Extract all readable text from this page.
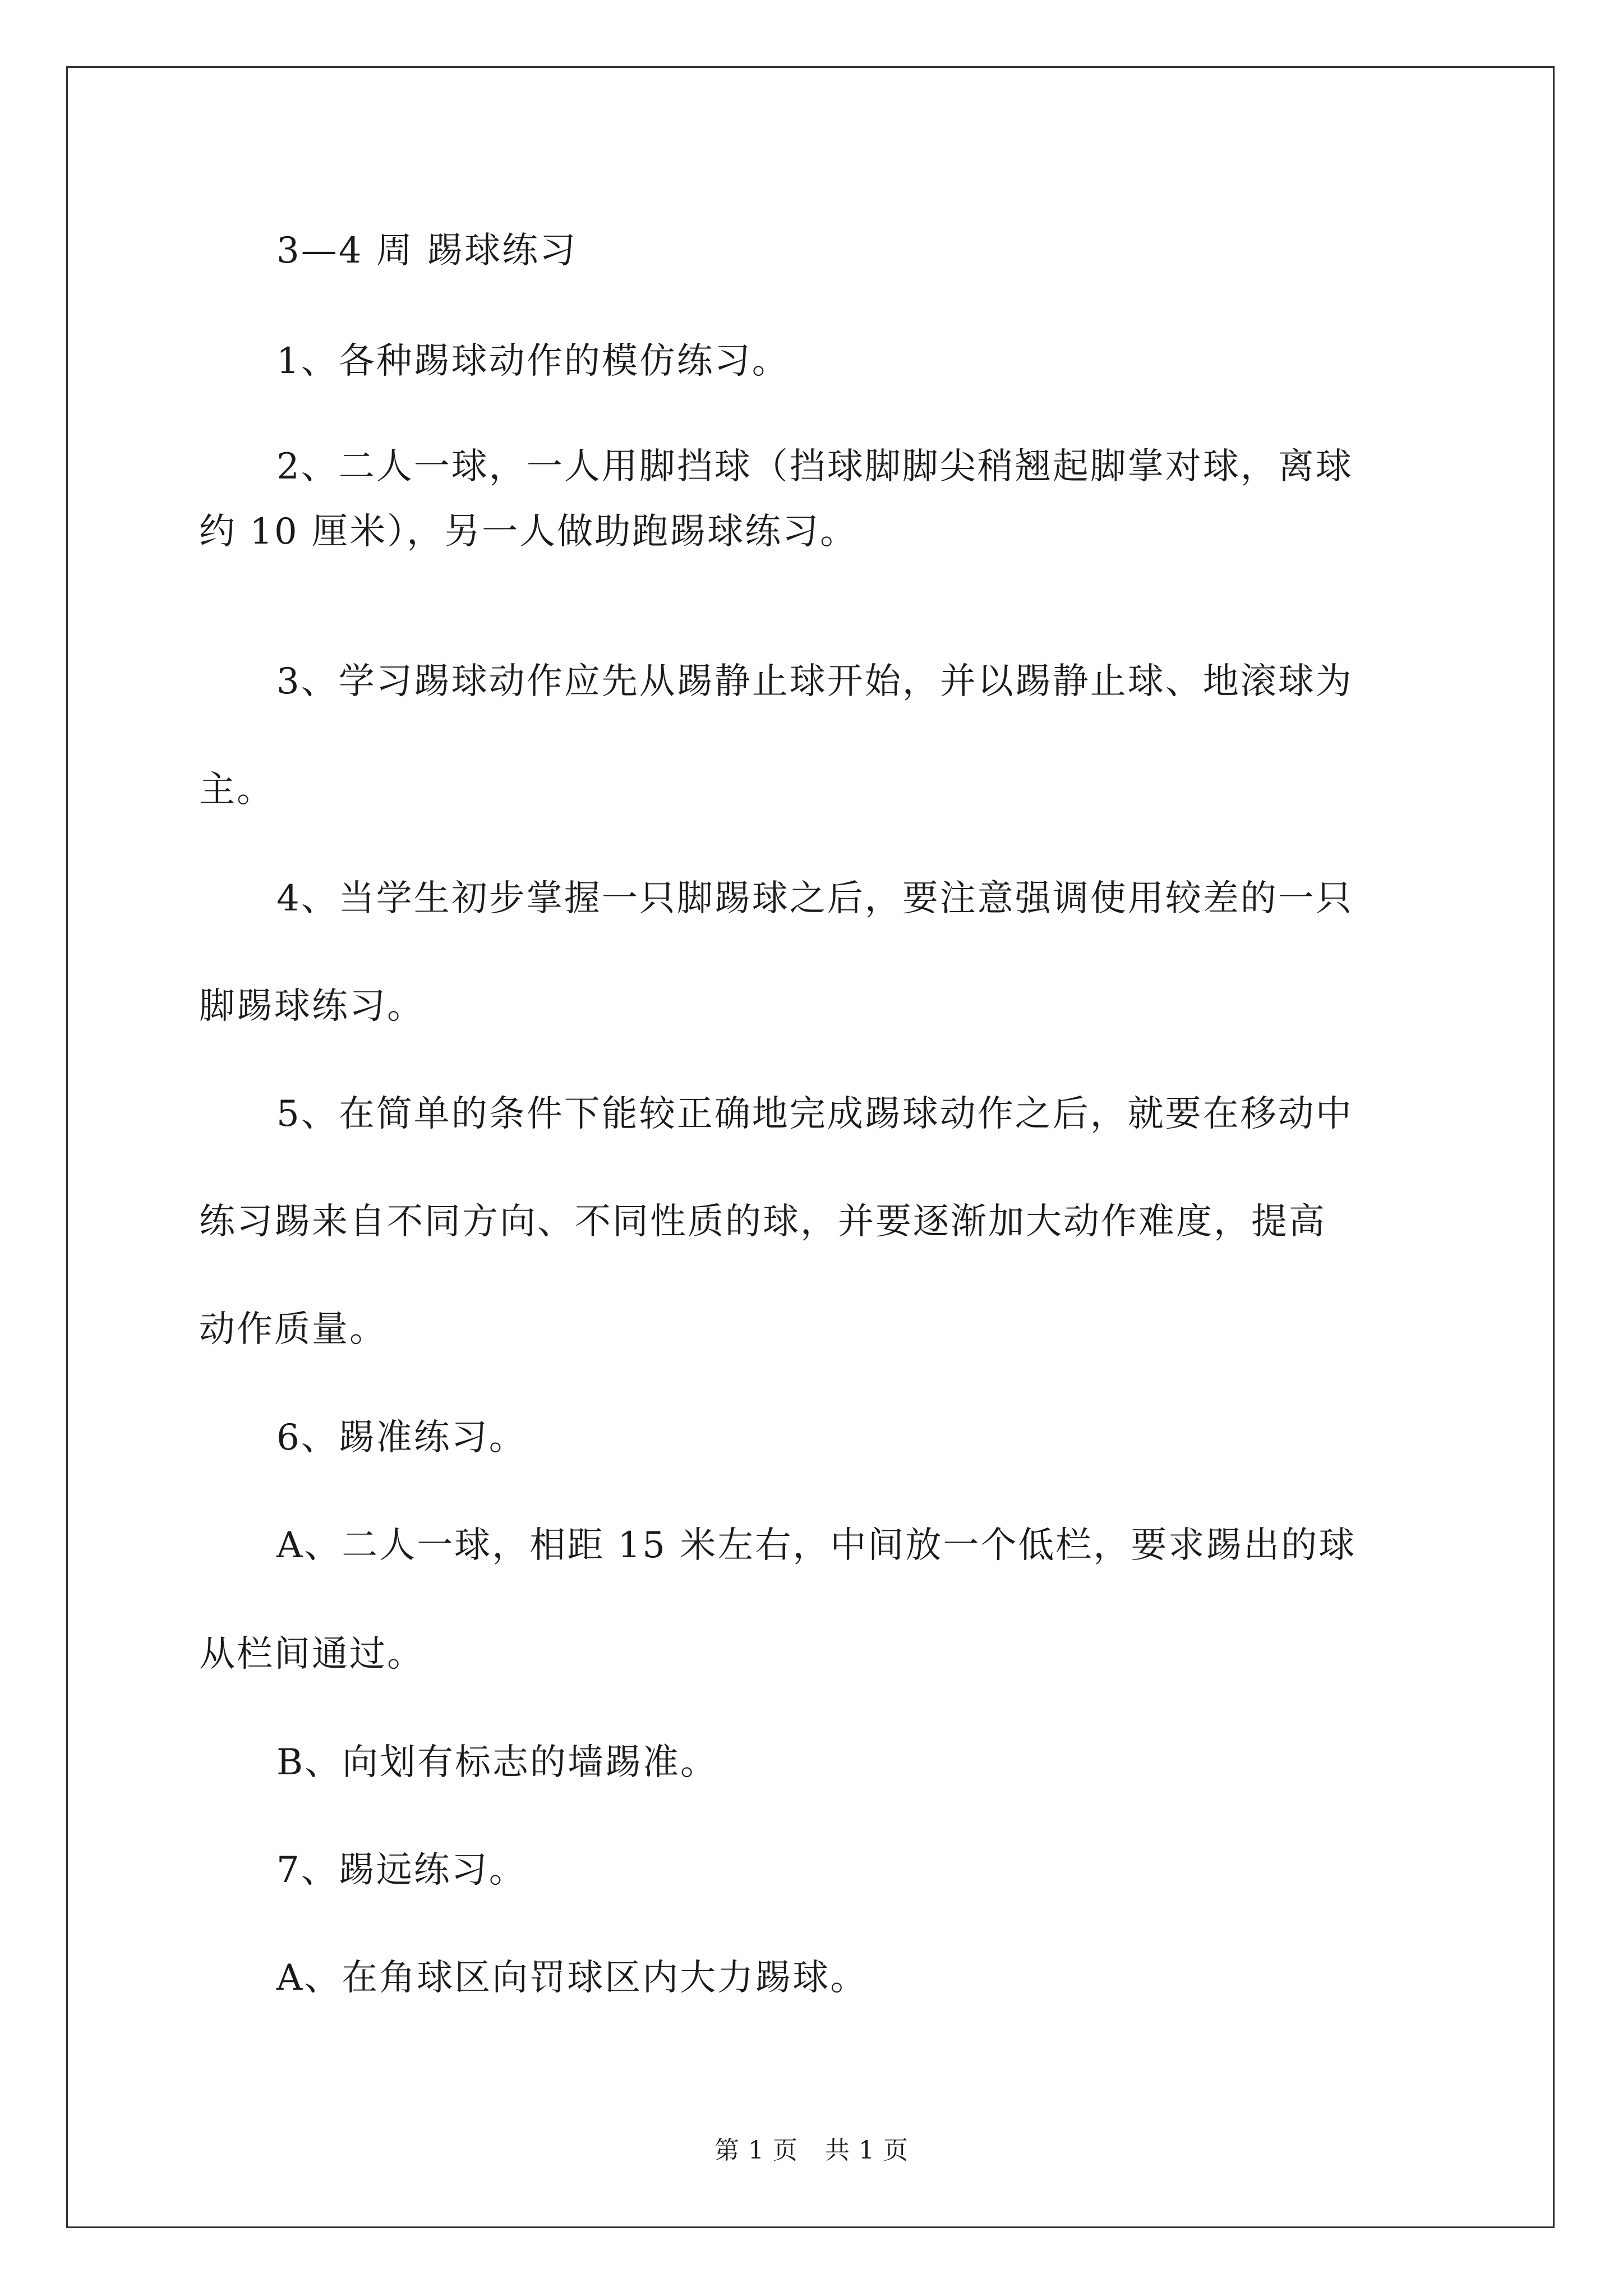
3—4 周 踢球练习
1、各种踢球动作的模仿练习。
2、二人一球，一人用脚挡球（挡球脚脚尖稍翘起脚掌对球，离球
约 10 厘米），另一人做助跑踢球练习。
3、学习踢球动作应先从踢静止球开始，并以踢静止球、地滚球为
主。
4、当学生初步掌握一只脚踢球之后，要注意强调使用较差的一只
脚踢球练习。
5、在简单的条件下能较正确地完成踢球动作之后，就要在移动中
练习踢来自不同方向、不同性质的球，并要逐渐加大动作难度，提高
动作质量。
6、踢准练习。
A、二人一球，相距 15 米左右，中间放一个低栏，要求踢出的球
从栏间通过。
B、向划有标志的墙踢准。
7、踢远练习。
A、在角球区向罚球区内大力踢球。
第 1 页 共 1 页
